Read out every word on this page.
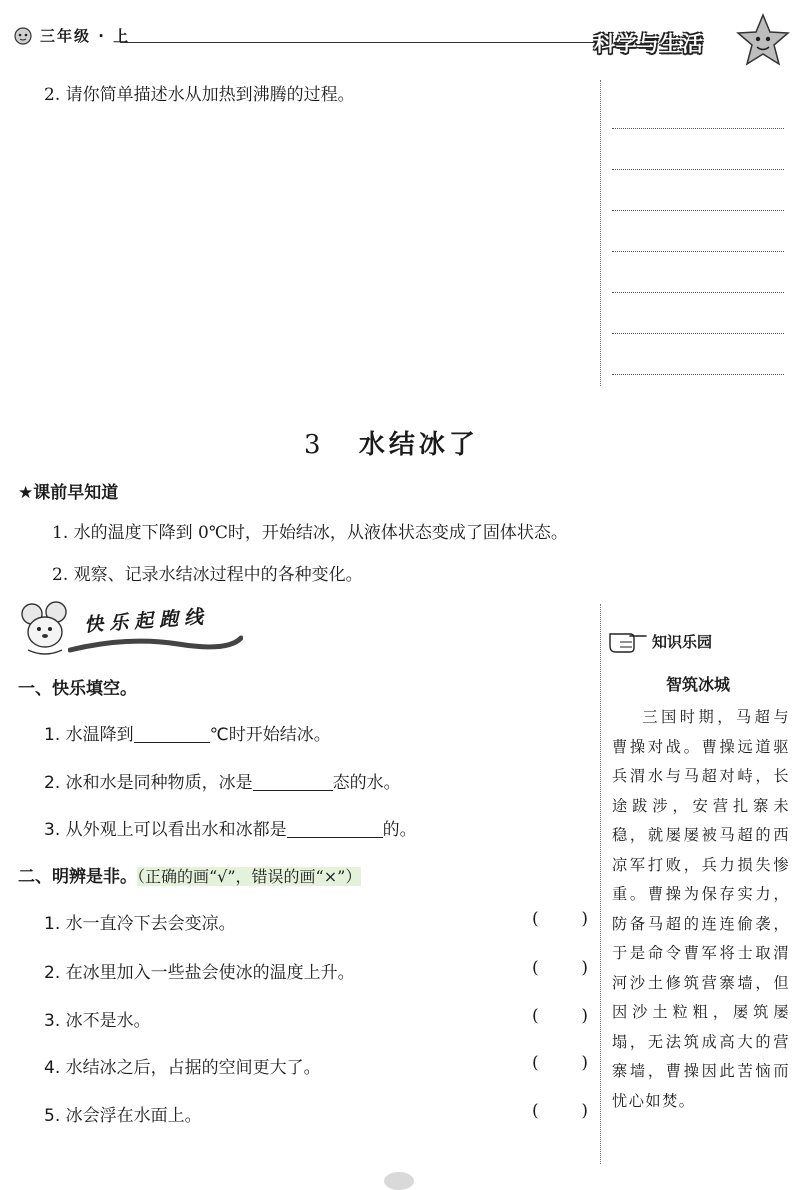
三年级 · 上	科学与生活
2. 请你简单描述水从加热到沸腾的过程。
3 水结冰了
★课前早知道
1. 水的温度下降到 0℃时，开始结冰，从液体状态变成了固体状态。
2. 观察、记录水结冰过程中的各种变化。
快乐起跑线
一、快乐填空。
1. 水温降到	℃时开始结冰。
2. 冰和水是同种物质，冰是	态的水。
3. 从外观上可以看出水和冰都是	的。
二、明辨是非。（正确的画“√”，错误的画“×”）
1. 水一直冷下去会变凉。	(	)
2. 在冰里加入一些盐会使冰的温度上升。	(	)
3. 冰不是水。	(	)
4. 水结冰之后，占据的空间更大了。	(	)
5. 冰会浮在水面上。	(	)
知识乐园
智筑冰城
三国时期，马超与曹操对战。曹操远道驱兵渭水与马超对峙，长途跋涉，安营扎寨未稳，就屡屡被马超的西凉军打败，兵力损失惨重。曹操为保存实力，防备马超的连连偷袭，于是命令曹军将士取渭河沙土修筑营寨墙，但因沙土粒粗，屡筑屡塌，无法筑成高大的营寨墙，曹操因此苦恼而忧心如焚。
